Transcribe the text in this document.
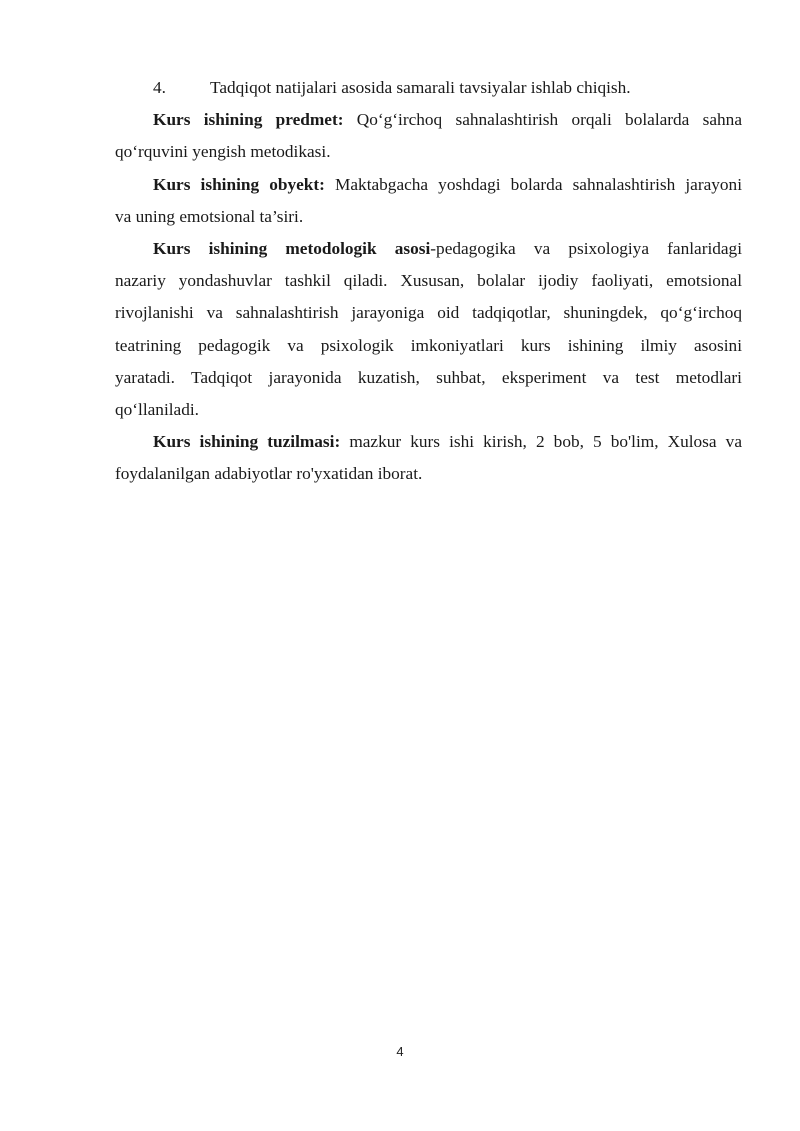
4.	Tadqiqot natijalari asosida samarali tavsiyalar ishlab chiqish.
Kurs ishining predmet: Qo‘g‘irchoq sahnalashtirish orqali bolalarda sahna
qo‘rquvini yengish metodikasi.
Kurs ishining obyekt: Maktabgacha yoshdagi bolarda sahnalashtirish jarayoni
va uning emotsional ta’siri.
Kurs ishining metodologik asosi-pedagogika va psixologiya fanlaridagi
nazariy yondashuvlar tashkil qiladi. Xususan, bolalar ijodiy faoliyati, emotsional
rivojlanishi va sahnalashtirish jarayoniga oid tadqiqotlar, shuningdek, qo‘g‘irchoq
teatrining pedagogik va psixologik imkoniyatlari kurs ishining ilmiy asosini
yaratadi. Tadqiqot jarayonida kuzatish, suhbat, eksperiment va test metodlari
qo‘llaniladi.
Kurs ishining tuzilmasi: mazkur kurs ishi kirish, 2 bob, 5 bo'lim, Xulosa va
foydalanilgan adabiyotlar ro'yxatidan iborat.
4
